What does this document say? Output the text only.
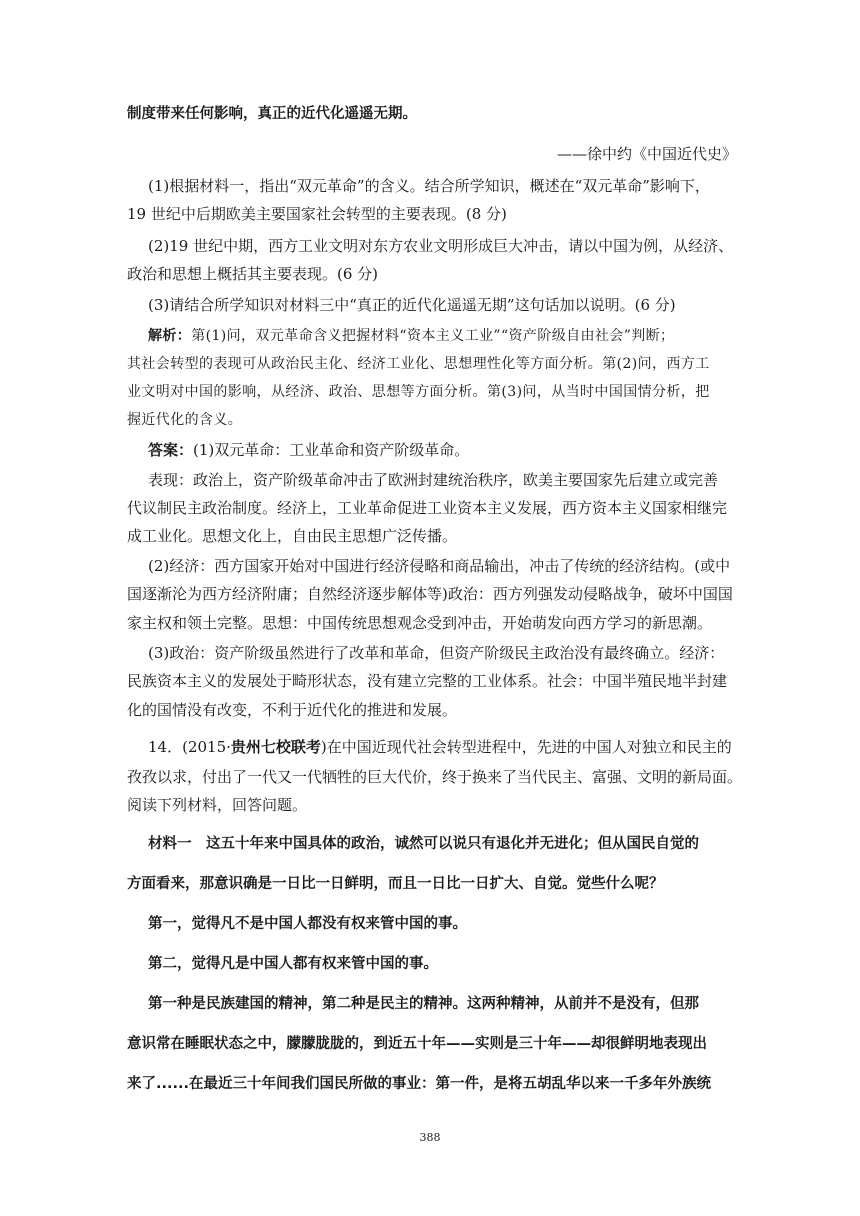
制度带来任何影响，真正的近代化遥遥无期。
——徐中约《中国近代史》
(1)根据材料一，指出“双元革命”的含义。结合所学知识，概述在“双元革命”影响下，
19 世纪中后期欧美主要国家社会转型的主要表现。(8 分)
(2)19 世纪中期，西方工业文明对东方农业文明形成巨大冲击，请以中国为例，从经济、
政治和思想上概括其主要表现。(6 分)
(3)请结合所学知识对材料三中“真正的近代化遥遥无期”这句话加以说明。(6 分)
解析：第(1)问，双元革命含义把握材料“资本主义工业”“资产阶级自由社会”判断；
其社会转型的表现可从政治民主化、经济工业化、思想理性化等方面分析。第(2)问，西方工
业文明对中国的影响，从经济、政治、思想等方面分析。第(3)问，从当时中国国情分析，把
握近代化的含义。
答案：(1)双元革命：工业革命和资产阶级革命。
表现：政治上，资产阶级革命冲击了欧洲封建统治秩序，欧美主要国家先后建立或完善
代议制民主政治制度。经济上，工业革命促进工业资本主义发展，西方资本主义国家相继完
成工业化。思想文化上，自由民主思想广泛传播。
(2)经济：西方国家开始对中国进行经济侵略和商品输出，冲击了传统的经济结构。(或中
国逐渐沦为西方经济附庸；自然经济逐步解体等)政治：西方列强发动侵略战争，破坏中国国
家主权和领土完整。思想：中国传统思想观念受到冲击，开始萌发向西方学习的新思潮。
(3)政治：资产阶级虽然进行了改革和革命，但资产阶级民主政治没有最终确立。经济：
民族资本主义的发展处于畸形状态，没有建立完整的工业体系。社会：中国半殖民地半封建
化的国情没有改变，不利于近代化的推进和发展。
14．(2015·贵州七校联考)在中国近现代社会转型进程中，先进的中国人对独立和民主的
孜孜以求，付出了一代又一代牺牲的巨大代价，终于换来了当代民主、富强、文明的新局面。
阅读下列材料，回答问题。
材料一　这五十年来中国具体的政治，诚然可以说只有退化并无进化；但从国民自觉的
方面看来，那意识确是一日比一日鲜明，而且一日比一日扩大、自觉。觉些什么呢？
第一，觉得凡不是中国人都没有权来管中国的事。
第二，觉得凡是中国人都有权来管中国的事。
第一种是民族建国的精神，第二种是民主的精神。这两种精神，从前并不是没有，但那
意识常在睡眠状态之中，朦朦胧胧的，到近五十年——实则是三十年——却很鲜明地表现出
来了......在最近三十年间我们国民所做的事业：第一件，是将五胡乱华以来一千多年外族统
388
